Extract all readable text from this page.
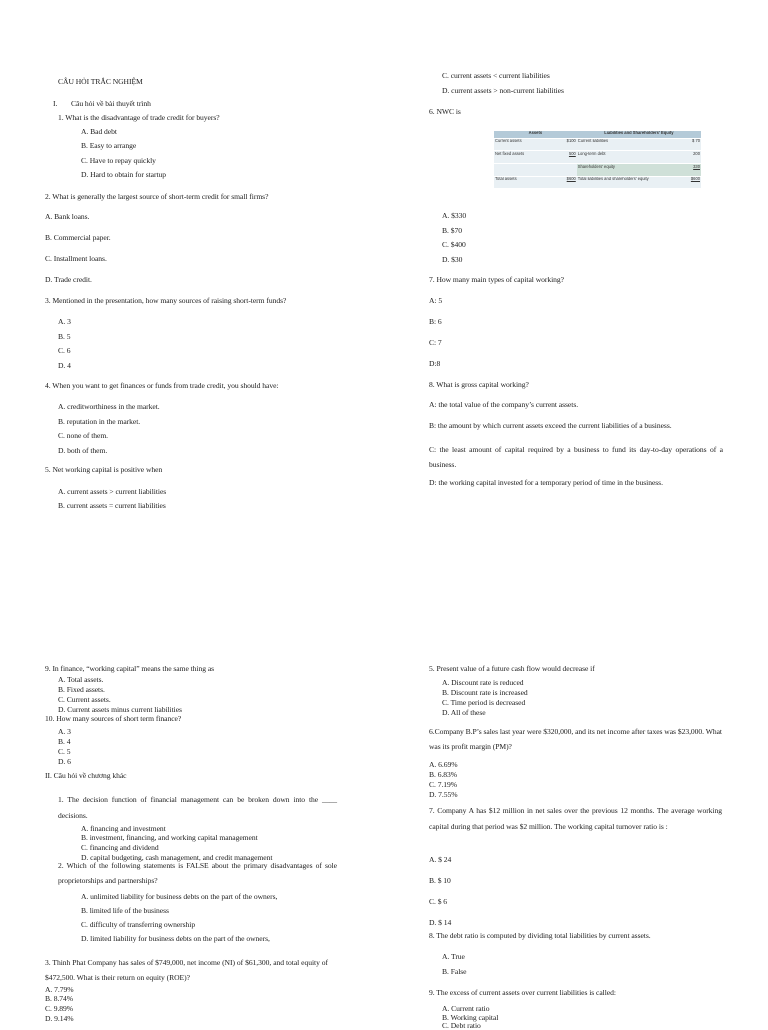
CÂU HỎI TRẮC NGHIỆM

I. Câu hỏi về bài thuyết trình

1. What is the disadvantage of trade credit for buyers?

A. Bad debt

B. Easy to arrange

C. Have to repay quickly

D. Hard to obtain for startup

2. What is generally the largest source of short-term credit for small firms?

A. Bank loans.

B. Commercial paper.

C. Installment loans.

D. Trade credit.

3. Mentioned in the presentation, how many sources of raising short-term funds?

A. 3

B. 5

C. 6

D. 4

4. When you want to get finances or funds from trade credit, you should have:

A. creditworthiness in the market.

B. reputation in the market.

C. none of them.

D. both of them.

5. Net working capital is positive when

A. current assets > current liabilities

B. current assets = current liabilities

C. current assets < current liabilities

D. current assets > non-current liabilities

6. NWC is

Assets		Liabilities and Shareholders' Equity	
Current assets	$100	Current liabilities	$ 70
Net fixed assets	500	Long-term debt	200
		Shareholders' equity	330
Total assets	$600	Total liabilities and shareholders' equity	$600

A. $330

B. $70

C. $400

D. $30

7. How many main types of capital working?

A: 5

B: 6

C: 7

D:8

8. What is gross capital working?

A: the total value of the company’s current assets.

B: the amount by which current assets exceed the current liabilities of a business.

C: the least amount of capital required by a business to fund its day-to-day operations of a business.

D: the working capital invested for a temporary period of time in the business.

9. In finance, “working capital” means the same thing as

A. Total assets.

B. Fixed assets.

C. Current assets.

D. Current assets minus current liabilities

10. How many sources of short term finance?

A. 3

B. 4

C. 5

D. 6

II. Câu hỏi về chương khác

1. The decision function of financial management can be broken down into the ____ decisions.

A. financing and investment

B. investment, financing, and working capital management

C. financing and dividend

D. capital budgeting, cash management, and credit management

2. Which of the following statements is FALSE about the primary disadvantages of sole proprietorships and partnerships?

A. unlimited liability for business debts on the part of the owners,

B. limited life of the business

C. difficulty of transferring ownership

D. limited liability for business debts on the part of the owners,

3. Thinh Phat Company has sales of $749,000, net income (NI) of $61,300, and total equity of $472,500. What is their return on equity (ROE)?

A. 7.79%

B. 8.74%

C. 9.89%

D. 9.14%

5. Present value of a future cash flow would decrease if

A. Discount rate is reduced

B. Discount rate is increased

C. Time period is decreased

D. All of these

6.Company B.P’s sales last year were $320,000, and its net income after taxes was $23,000. What was its profit margin (PM)?

A. 6.69%

B. 6.83%

C. 7.19%

D. 7.55%

7. Company A has $12 million in net sales over the previous 12 months. The average working capital during that period was $2 million. The working capital turnover ratio is :

A. $ 24

B. $ 10

C. $ 6

D. $ 14

8. The debt ratio is computed by dividing total liabilities by current assets.

A. True

B. False

9. The excess of current assets over current liabilities is called:

A. Current ratio

B. Working capital

C. Debt ratio
